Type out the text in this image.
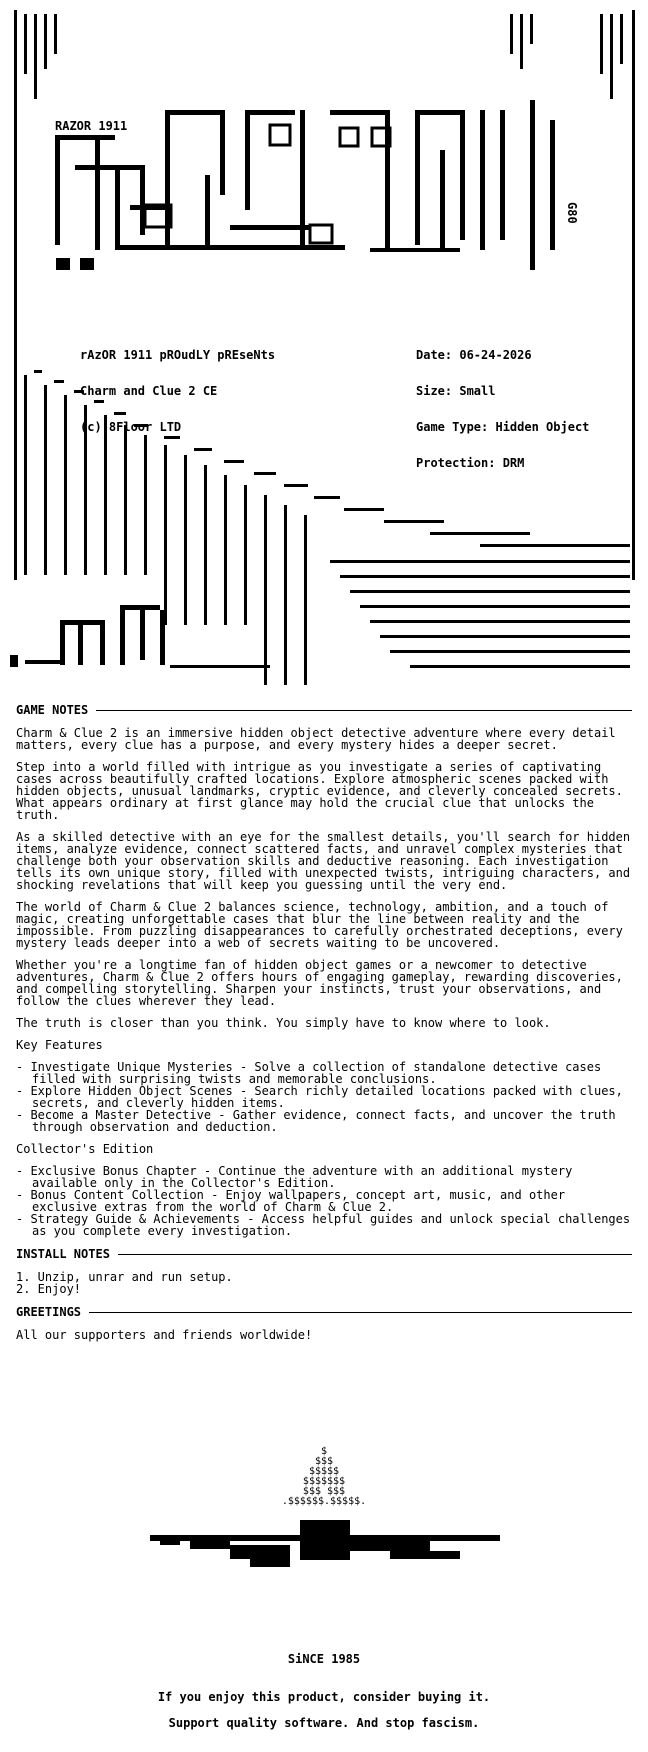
RAZOR 1911
G80

rAzOR 1911 pROudLY pREseNts

Charm and Clue 2 CE

(c) 8Floor LTD

Date: 06-24-2026

Size: Small

Game Type: Hidden Object

Protection: DRM

GAME NOTES

Charm & Clue 2 is an immersive hidden object detective adventure where every detail matters, every clue has a purpose, and every mystery hides a deeper secret.

Step into a world filled with intrigue as you investigate a series of captivating cases across beautifully crafted locations. Explore atmospheric scenes packed with hidden objects, unusual landmarks, cryptic evidence, and cleverly concealed secrets. What appears ordinary at first glance may hold the crucial clue that unlocks the truth.

As a skilled detective with an eye for the smallest details, you'll search for hidden items, analyze evidence, connect scattered facts, and unravel complex mysteries that challenge both your observation skills and deductive reasoning. Each investigation tells its own unique story, filled with unexpected twists, intriguing characters, and shocking revelations that will keep you guessing until the very end.

The world of Charm & Clue 2 balances science, technology, ambition, and a touch of magic, creating unforgettable cases that blur the line between reality and the impossible. From puzzling disappearances to carefully orchestrated deceptions, every mystery leads deeper into a web of secrets waiting to be uncovered.

Whether you're a longtime fan of hidden object games or a newcomer to detective adventures, Charm & Clue 2 offers hours of engaging gameplay, rewarding discoveries, and compelling storytelling. Sharpen your instincts, trust your observations, and follow the clues wherever they lead.

The truth is closer than you think. You simply have to know where to look.

Key Features
- Investigate Unique Mysteries - Solve a collection of standalone detective cases filled with surprising twists and memorable conclusions.
- Explore Hidden Object Scenes - Search richly detailed locations packed with clues, secrets, and cleverly hidden items.
- Become a Master Detective - Gather evidence, connect facts, and uncover the truth through observation and deduction.
Collector's Edition
- Exclusive Bonus Chapter - Continue the adventure with an additional mystery available only in the Collector's Edition.
- Bonus Content Collection - Enjoy wallpapers, concept art, music, and other exclusive extras from the world of Charm & Clue 2.
- Strategy Guide & Achievements - Access helpful guides and unlock special challenges as you complete every investigation.
INSTALL NOTES
1. Unzip, unrar and run setup.
2. Enjoy!
GREETINGS
All our supporters and friends worldwide!
$
$$$
$$$$$
$$$$$$$
$$$ $$$
.$$$$$$.$$$$$.
SiNCE 1985
If you enjoy this product, consider buying it.
Support quality software. And stop fascism.
